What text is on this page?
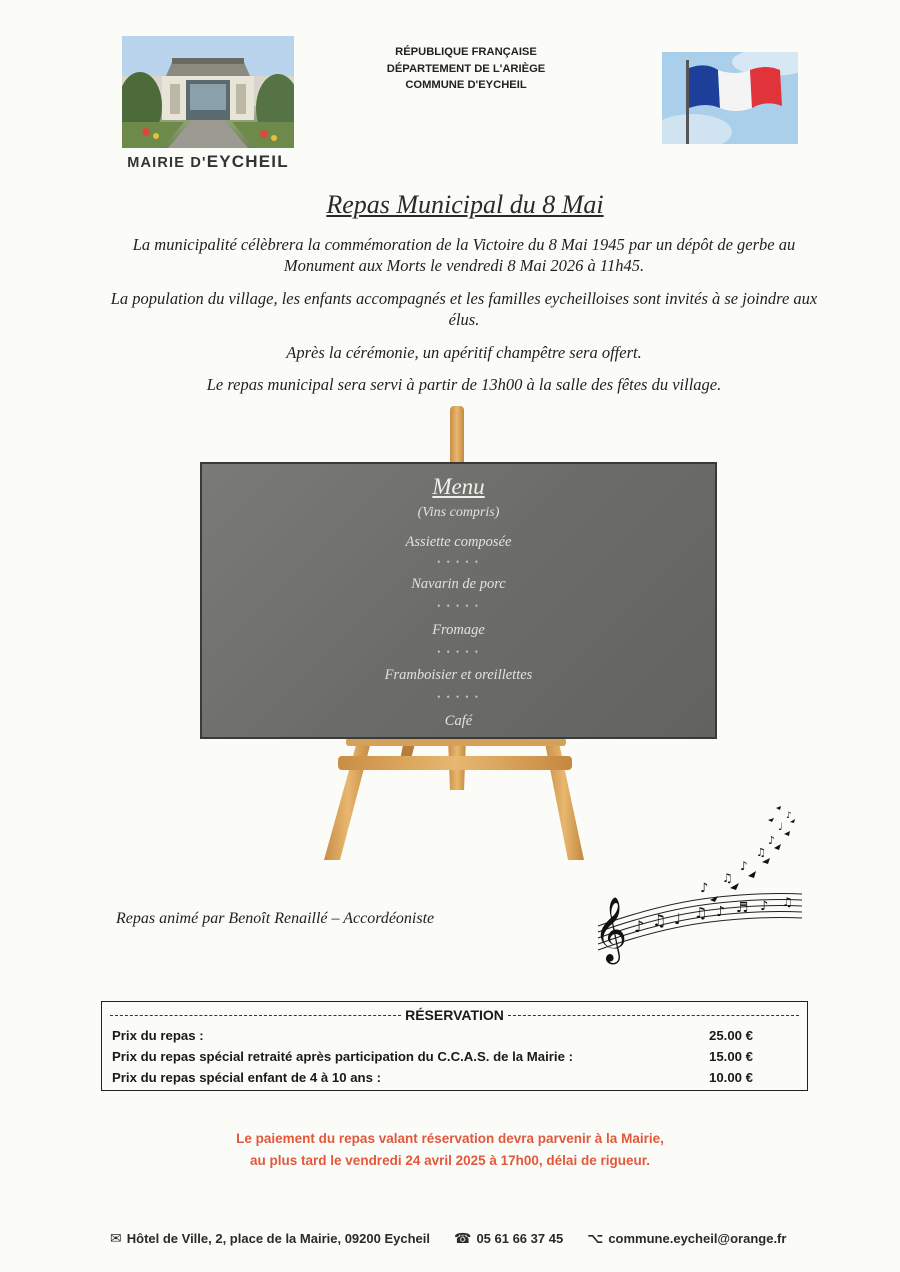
MAIRIE D'EYCHEIL
RÉPUBLIQUE FRANÇAISE
DÉPARTEMENT DE L'ARIÈGE
COMMUNE D'EYCHEIL
Repas Municipal du 8 Mai
La municipalité célèbrera la commémoration de la Victoire du 8 Mai 1945 par un dépôt de gerbe au Monument aux Morts le vendredi 8 Mai 2026 à 11h45.
La population du village, les enfants accompagnés et les familles eycheilloises sont invités à se joindre aux élus.
Après la cérémonie, un apéritif champêtre sera offert.
Le repas municipal sera servi à partir de 13h00 à la salle des fêtes du village.
Menu
(Vins compris)
Assiette composée
• • • • •
Navarin de porc
• • • • •
Fromage
• • • • •
Framboisier et oreillettes
• • • • •
Café
Repas animé par Benoît Renaillé – Accordéoniste	𝄞 ♪ ♫ ♩ ♫ ♪ ♬ ♪ ♫
♪
♫
♪
♫
♪
♩
♪
RÉSERVATION
Prix du repas :	25.00 €
Prix du repas spécial retraité après participation du C.C.A.S. de la Mairie :	15.00 €
Prix du repas spécial enfant de 4 à 10 ans :	10.00 €
Le paiement du repas valant réservation devra parvenir à la Mairie,
au plus tard le vendredi 24 avril 2025 à 17h00, délai de rigueur.
✉ Hôtel de Ville, 2, place de la Mairie, 09200 Eycheil ☎ 05 61 66 37 45 ⌥ commune.eycheil@orange.fr
